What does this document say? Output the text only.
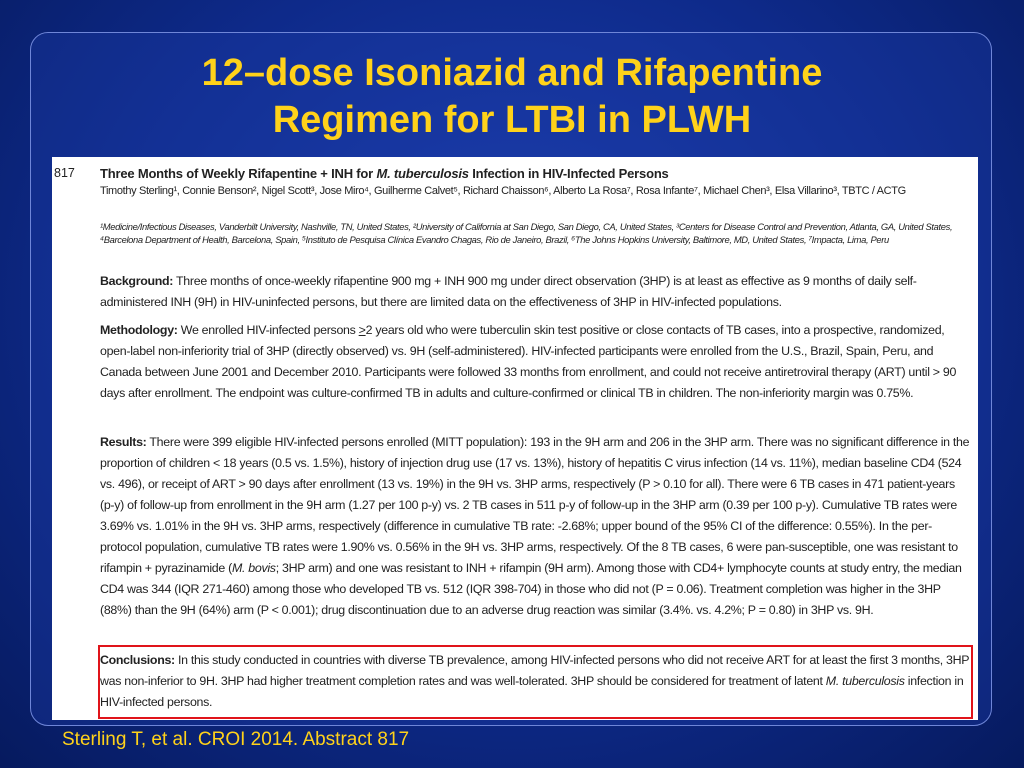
12–dose Isoniazid and Rifapentine
Regimen for LTBI in PLWH
817 Three Months of Weekly Rifapentine + INH for M. tuberculosis Infection in HIV-Infected Persons
Timothy Sterling¹, Connie Benson², Nigel Scott³, Jose Miro⁴, Guilherme Calvet⁵, Richard Chaisson⁶, Alberto La Rosa⁷, Rosa Infante⁷, Michael Chen³, Elsa Villarino³, TBTC / ACTG
¹Medicine/Infectious Diseases, Vanderbilt University, Nashville, TN, United States, ²University of California at San Diego, San Diego, CA, United States, ³Centers for Disease Control and Prevention, Atlanta, GA, United States, ⁴Barcelona Department of Health, Barcelona, Spain, ⁵Instituto de Pesquisa Clínica Evandro Chagas, Rio de Janeiro, Brazil, ⁶The Johns Hopkins University, Baltimore, MD, United States, ⁷Impacta, Lima, Peru
Background: Three months of once-weekly rifapentine 900 mg + INH 900 mg under direct observation (3HP) is at least as effective as 9 months of daily self-administered INH (9H) in HIV-uninfected persons, but there are limited data on the effectiveness of 3HP in HIV-infected populations.
Methodology: We enrolled HIV-infected persons >2 years old who were tuberculin skin test positive or close contacts of TB cases, into a prospective, randomized, open-label non-inferiority trial of 3HP (directly observed) vs. 9H (self-administered). HIV-infected participants were enrolled from the U.S., Brazil, Spain, Peru, and Canada between June 2001 and December 2010. Participants were followed 33 months from enrollment, and could not receive antiretroviral therapy (ART) until > 90 days after enrollment. The endpoint was culture-confirmed TB in adults and culture-confirmed or clinical TB in children. The non-inferiority margin was 0.75%.
Results: There were 399 eligible HIV-infected persons enrolled (MITT population): 193 in the 9H arm and 206 in the 3HP arm. There was no significant difference in the proportion of children < 18 years (0.5 vs. 1.5%), history of injection drug use (17 vs. 13%), history of hepatitis C virus infection (14 vs. 11%), median baseline CD4 (524 vs. 496), or receipt of ART > 90 days after enrollment (13 vs. 19%) in the 9H vs. 3HP arms, respectively (P > 0.10 for all). There were 6 TB cases in 471 patient-years (p-y) of follow-up from enrollment in the 9H arm (1.27 per 100 p-y) vs. 2 TB cases in 511 p-y of follow-up in the 3HP arm (0.39 per 100 p-y). Cumulative TB rates were 3.69% vs. 1.01% in the 9H vs. 3HP arms, respectively (difference in cumulative TB rate: -2.68%; upper bound of the 95% CI of the difference: 0.55%). In the per-protocol population, cumulative TB rates were 1.90% vs. 0.56% in the 9H vs. 3HP arms, respectively. Of the 8 TB cases, 6 were pan-susceptible, one was resistant to rifampin + pyrazinamide (M. bovis; 3HP arm) and one was resistant to INH + rifampin (9H arm). Among those with CD4+ lymphocyte counts at study entry, the median CD4 was 344 (IQR 271-460) among those who developed TB vs. 512 (IQR 398-704) in those who did not (P = 0.06). Treatment completion was higher in the 3HP (88%) than the 9H (64%) arm (P < 0.001); drug discontinuation due to an adverse drug reaction was similar (3.4%. vs. 4.2%; P = 0.80) in 3HP vs. 9H.
Conclusions: In this study conducted in countries with diverse TB prevalence, among HIV-infected persons who did not receive ART for at least the first 3 months, 3HP was non-inferior to 9H. 3HP had higher treatment completion rates and was well-tolerated. 3HP should be considered for treatment of latent M. tuberculosis infection in HIV-infected persons.
Sterling T, et al. CROI 2014. Abstract 817
